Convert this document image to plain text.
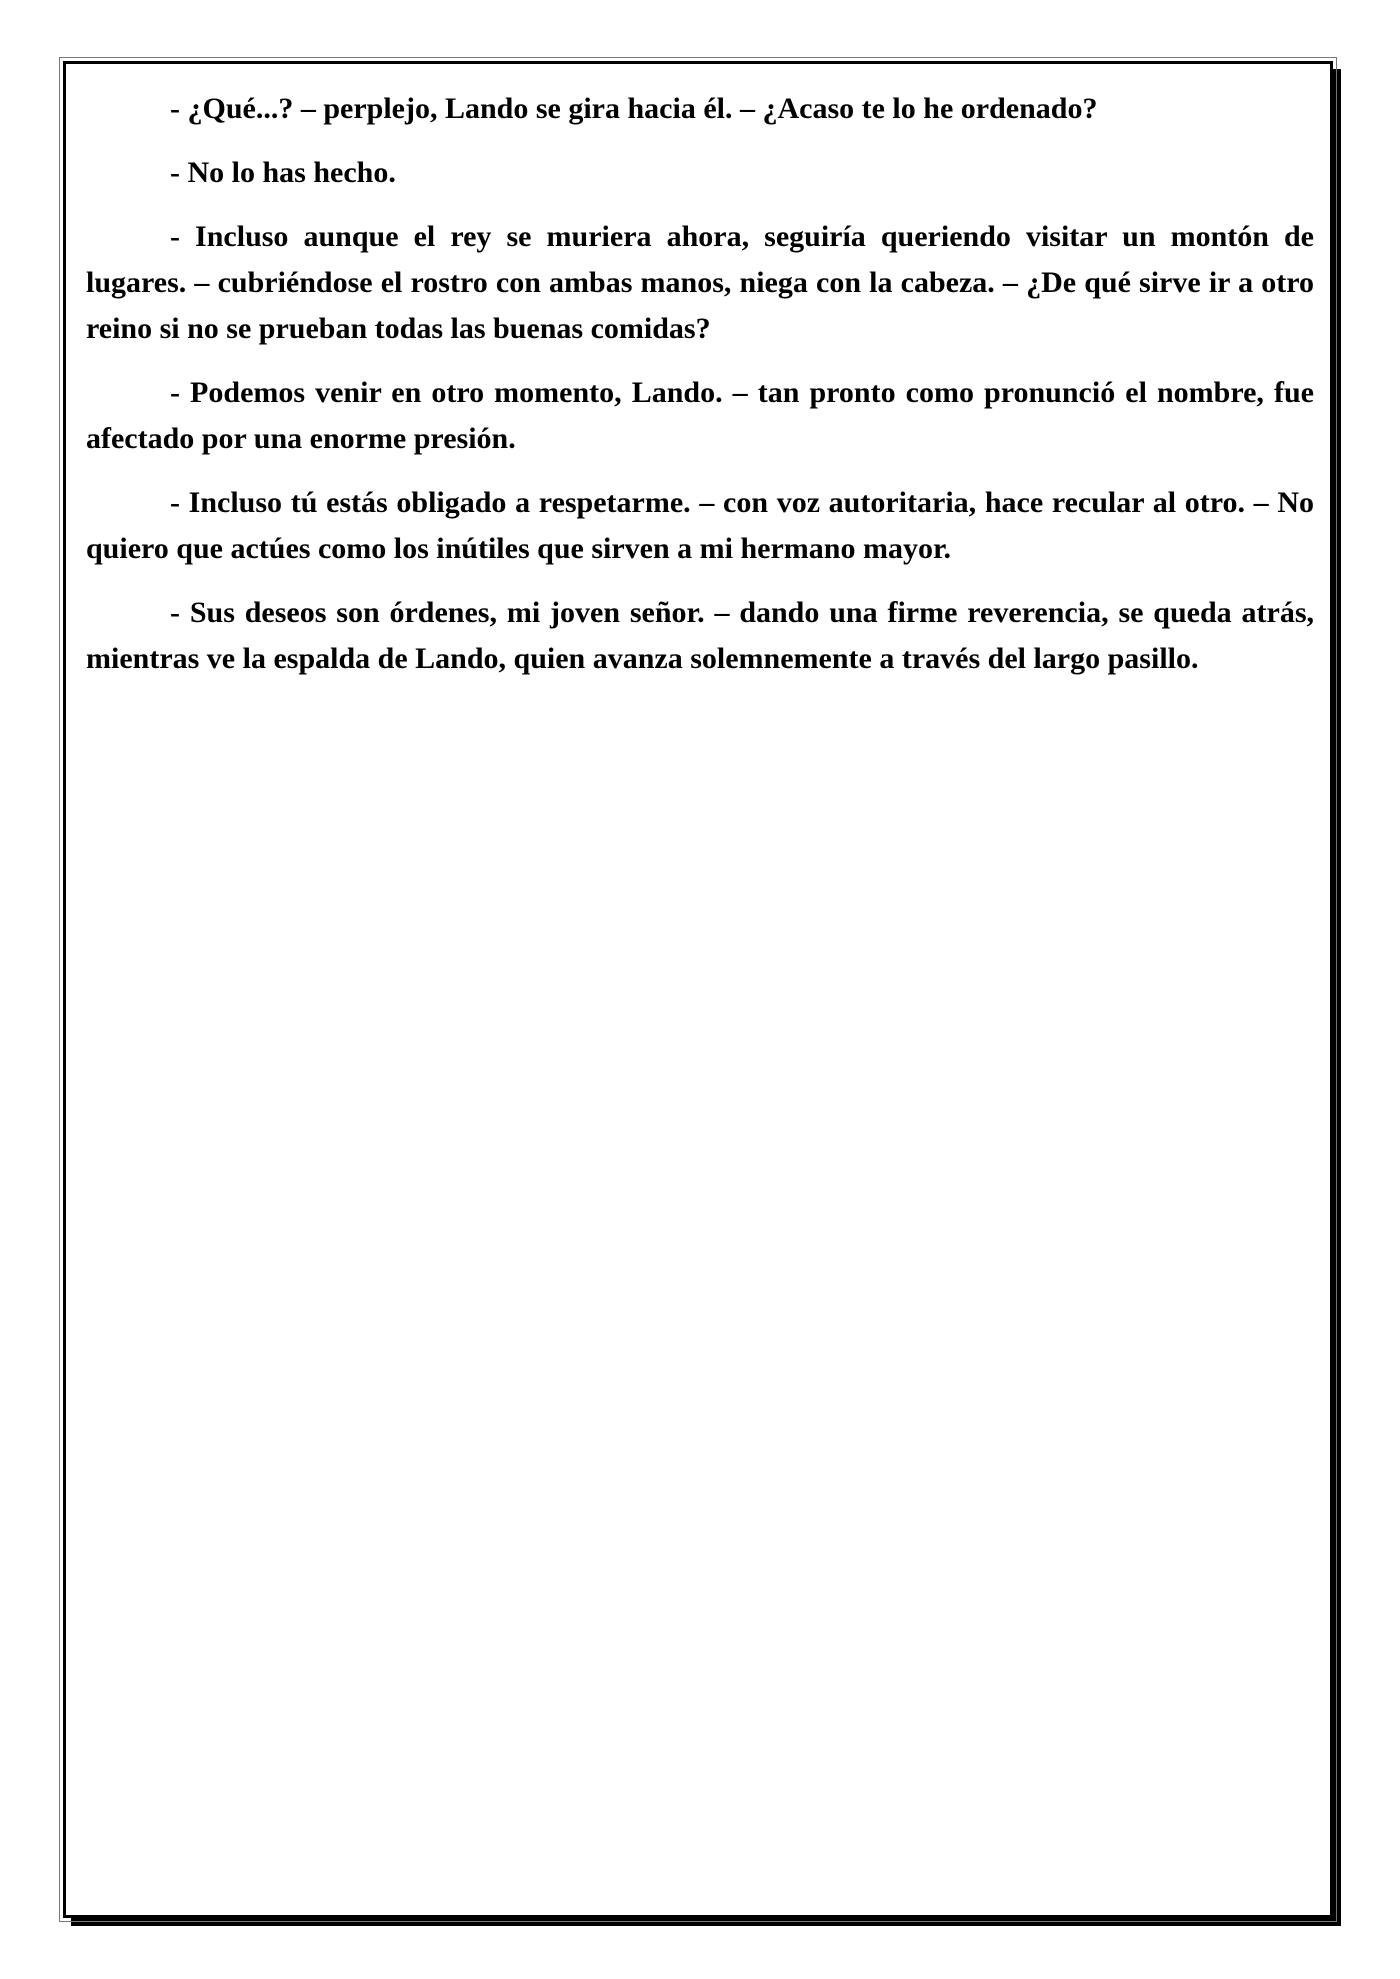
- ¿Qué...? – perplejo, Lando se gira hacia él. – ¿Acaso te lo he ordenado?

- No lo has hecho.

- Incluso aunque el rey se muriera ahora, seguiría queriendo visitar un montón de lugares. – cubriéndose el rostro con ambas manos, niega con la cabeza. – ¿De qué sirve ir a otro reino si no se prueban todas las buenas comidas?

- Podemos venir en otro momento, Lando. – tan pronto como pronunció el nombre, fue afectado por una enorme presión.

- Incluso tú estás obligado a respetarme. – con voz autoritaria, hace recular al otro. – No quiero que actúes como los inútiles que sirven a mi hermano mayor.

- Sus deseos son órdenes, mi joven señor. – dando una firme reverencia, se queda atrás, mientras ve la espalda de Lando, quien avanza solemnemente a través del largo pasillo.
